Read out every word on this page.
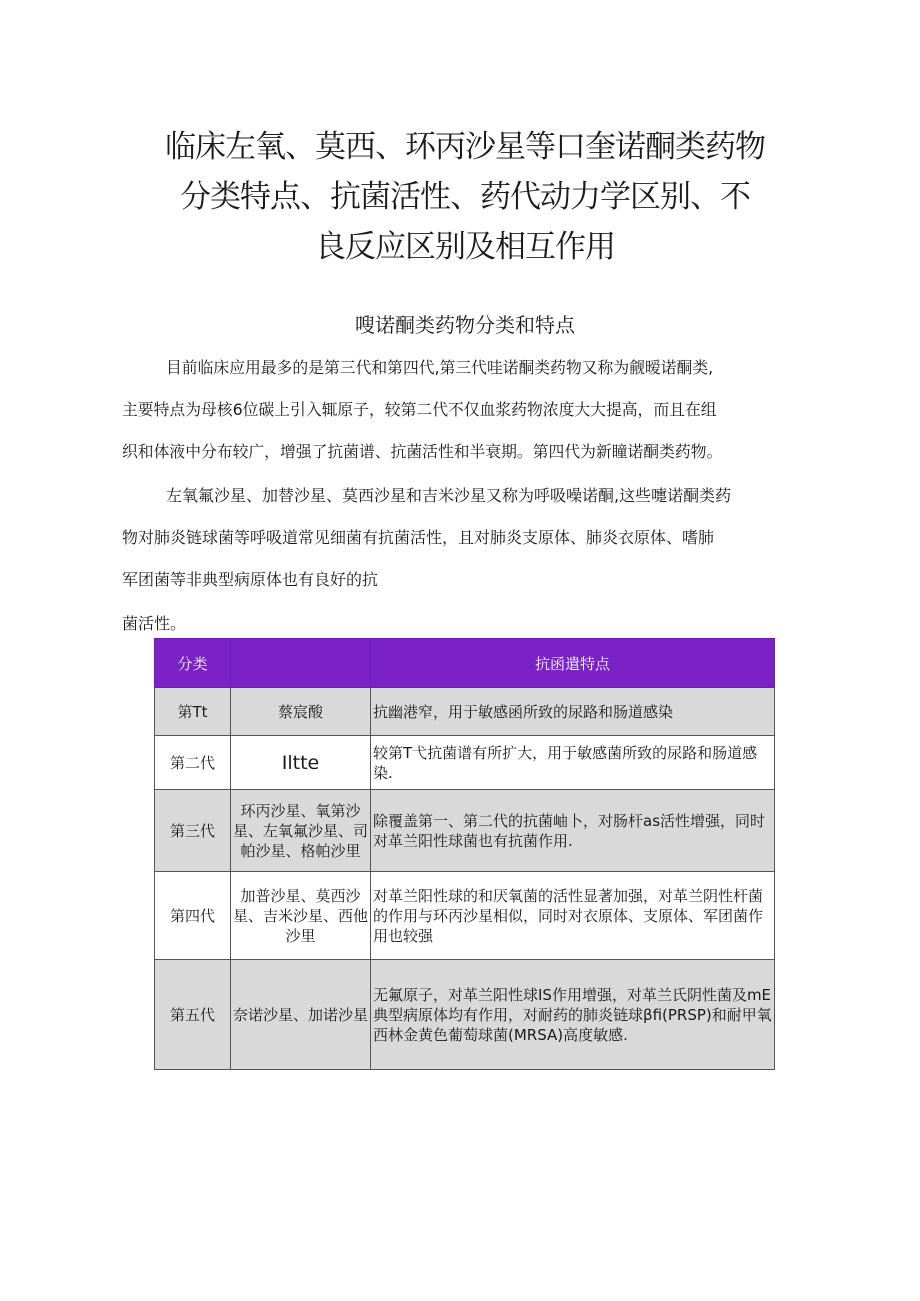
临床左氧、莫西、环丙沙星等口奎诺酮类药物
分类特点、抗菌活性、药代动力学区别、不
良反应区别及相互作用
嗖诺酮类药物分类和特点
目前临床应用最多的是第三代和第四代,第三代哇诺酮类药物又称为觎暧诺酮类,
主要特点为母核6位碳上引入辄原子，较第二代不仅血浆药物浓度大大提高，而且在组
织和体液中分布较广，增强了抗菌谱、抗菌活性和半衰期。第四代为新瞳诺酮类药物。
左氧氟沙星、加替沙星、莫西沙星和吉米沙星又称为呼吸噪诺酮,这些嚏诺酮类药
物对肺炎链球菌等呼吸道常见细菌有抗菌活性，且对肺炎支原体、肺炎衣原体、嗜肺
军团菌等非典型病原体也有良好的抗
菌活性。
分类		抗函遣特点
第Tt	蔡宸酸	抗幽港窄，用于敏感函所致的尿路和肠道感染
第二代	Iltte	较第T弋抗菌谱有所扩大，用于敏感菌所致的尿路和肠道感染.
第三代	环丙沙星、氧第沙星、左氧氟沙星、司帕沙星、格帕沙里	除覆盖第一、第二代的抗菌岫卜，对肠杆as活性增强，同时对革兰阳性球菌也有抗菌作用.
第四代	加普沙星、莫西沙星、吉米沙星、西他沙里	对革兰阳性球的和厌氧菌的活性显著加强，对革兰阴性杆菌的作用与环丙沙星相似，同时对衣原体、支原体、军团菌作用也较强
第五代	奈诺沙星、加诺沙星	无氟原子，对革兰阳性球IS作用增强，对革兰氏阴性菌及mE典型病原体均有作用，对耐药的肺炎链球βfi(PRSP)和耐甲氧西林金黄色葡萄球菌(MRSA)高度敏感.
